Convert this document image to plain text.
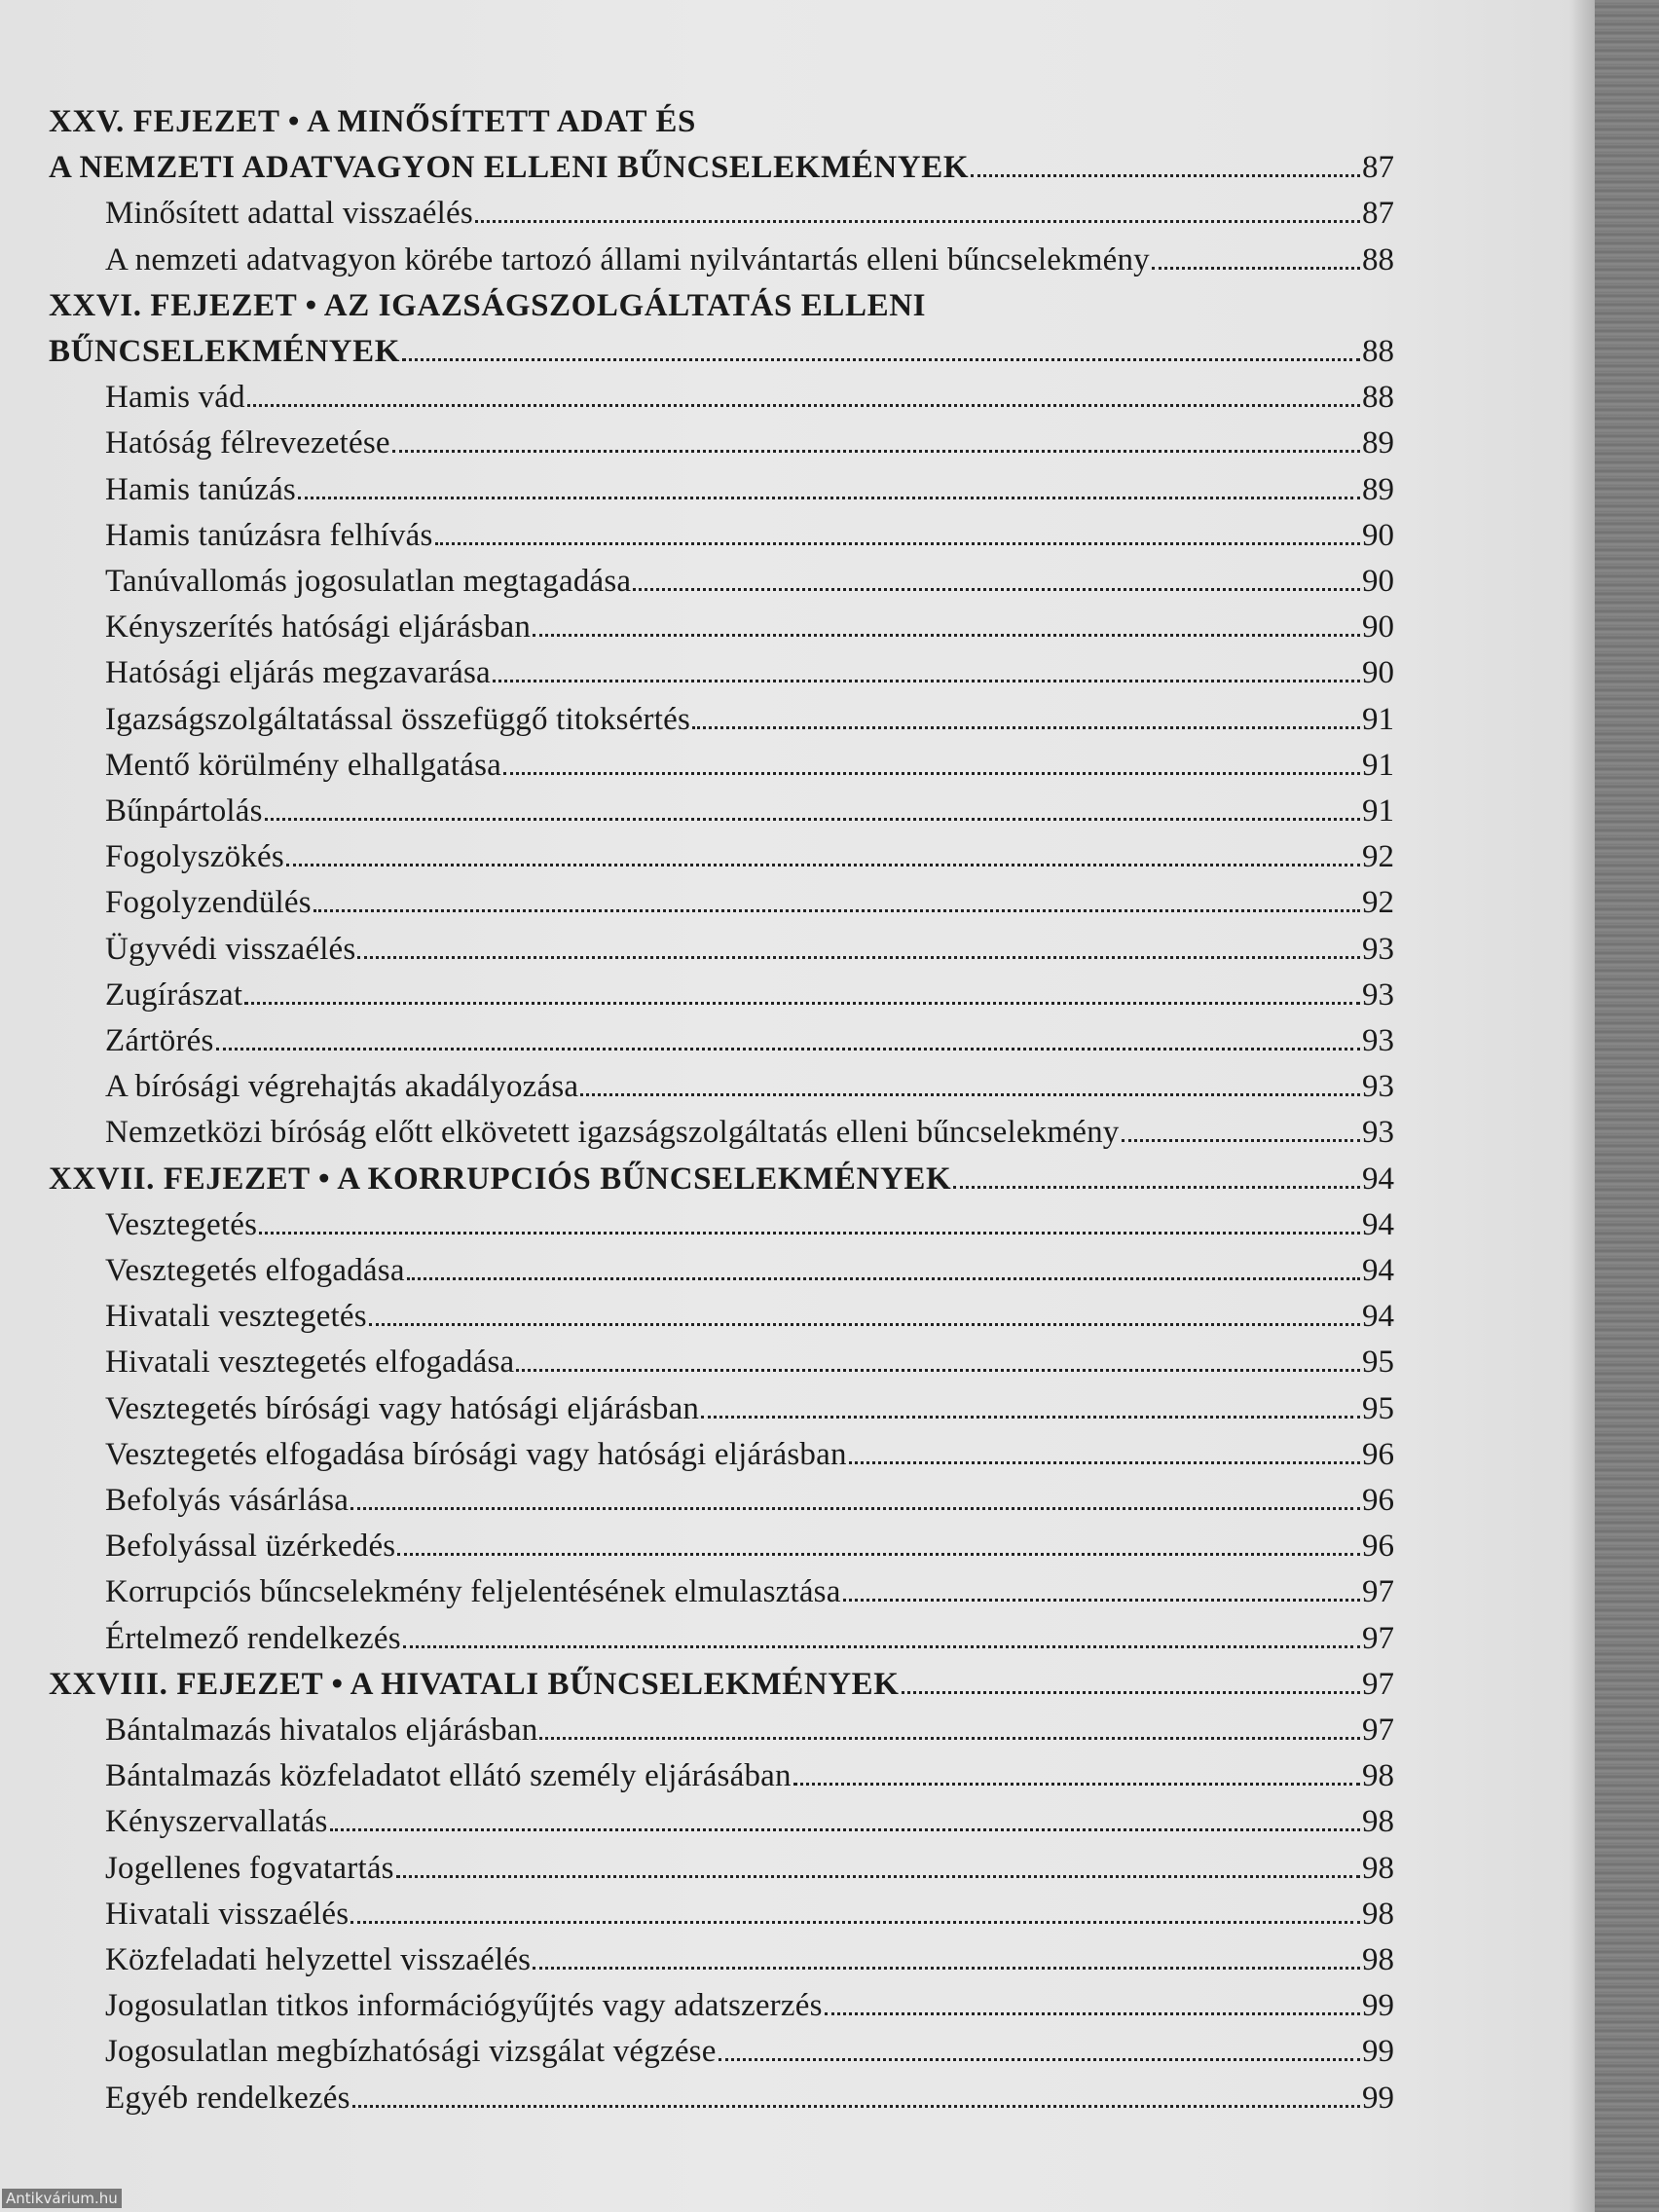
XXV. FEJEZET • A MINŐSÍTETT ADAT ÉS
A NEMZETI ADATVAGYON ELLENI BŰNCSELEKMÉNYEK	87
Minősített adattal visszaélés	87
A nemzeti adatvagyon körébe tartozó állami nyilvántartás elleni bűncselekmény	88
XXVI. FEJEZET • AZ IGAZSÁGSZOLGÁLTATÁS ELLENI
BŰNCSELEKMÉNYEK	88
Hamis vád	88
Hatóság félrevezetése	89
Hamis tanúzás	89
Hamis tanúzásra felhívás	90
Tanúvallomás jogosulatlan megtagadása	90
Kényszerítés hatósági eljárásban	90
Hatósági eljárás megzavarása	90
Igazságszolgáltatással összefüggő titoksértés	91
Mentő körülmény elhallgatása	91
Bűnpártolás	91
Fogolyszökés	92
Fogolyzendülés	92
Ügyvédi visszaélés	93
Zugírászat	93
Zártörés	93
A bírósági végrehajtás akadályozása	93
Nemzetközi bíróság előtt elkövetett igazságszolgáltatás elleni bűncselekmény	93
XXVII. FEJEZET • A KORRUPCIÓS BŰNCSELEKMÉNYEK	94
Vesztegetés	94
Vesztegetés elfogadása	94
Hivatali vesztegetés	94
Hivatali vesztegetés elfogadása	95
Vesztegetés bírósági vagy hatósági eljárásban	95
Vesztegetés elfogadása bírósági vagy hatósági eljárásban	96
Befolyás vásárlása	96
Befolyással üzérkedés	96
Korrupciós bűncselekmény feljelentésének elmulasztása	97
Értelmező rendelkezés	97
XXVIII. FEJEZET • A HIVATALI BŰNCSELEKMÉNYEK	97
Bántalmazás hivatalos eljárásban	97
Bántalmazás közfeladatot ellátó személy eljárásában	98
Kényszervallatás	98
Jogellenes fogvatartás	98
Hivatali visszaélés	98
Közfeladati helyzettel visszaélés	98
Jogosulatlan titkos információgyűjtés vagy adatszerzés	99
Jogosulatlan megbízhatósági vizsgálat végzése	99
Egyéb rendelkezés	99
Antikvárium.hu
